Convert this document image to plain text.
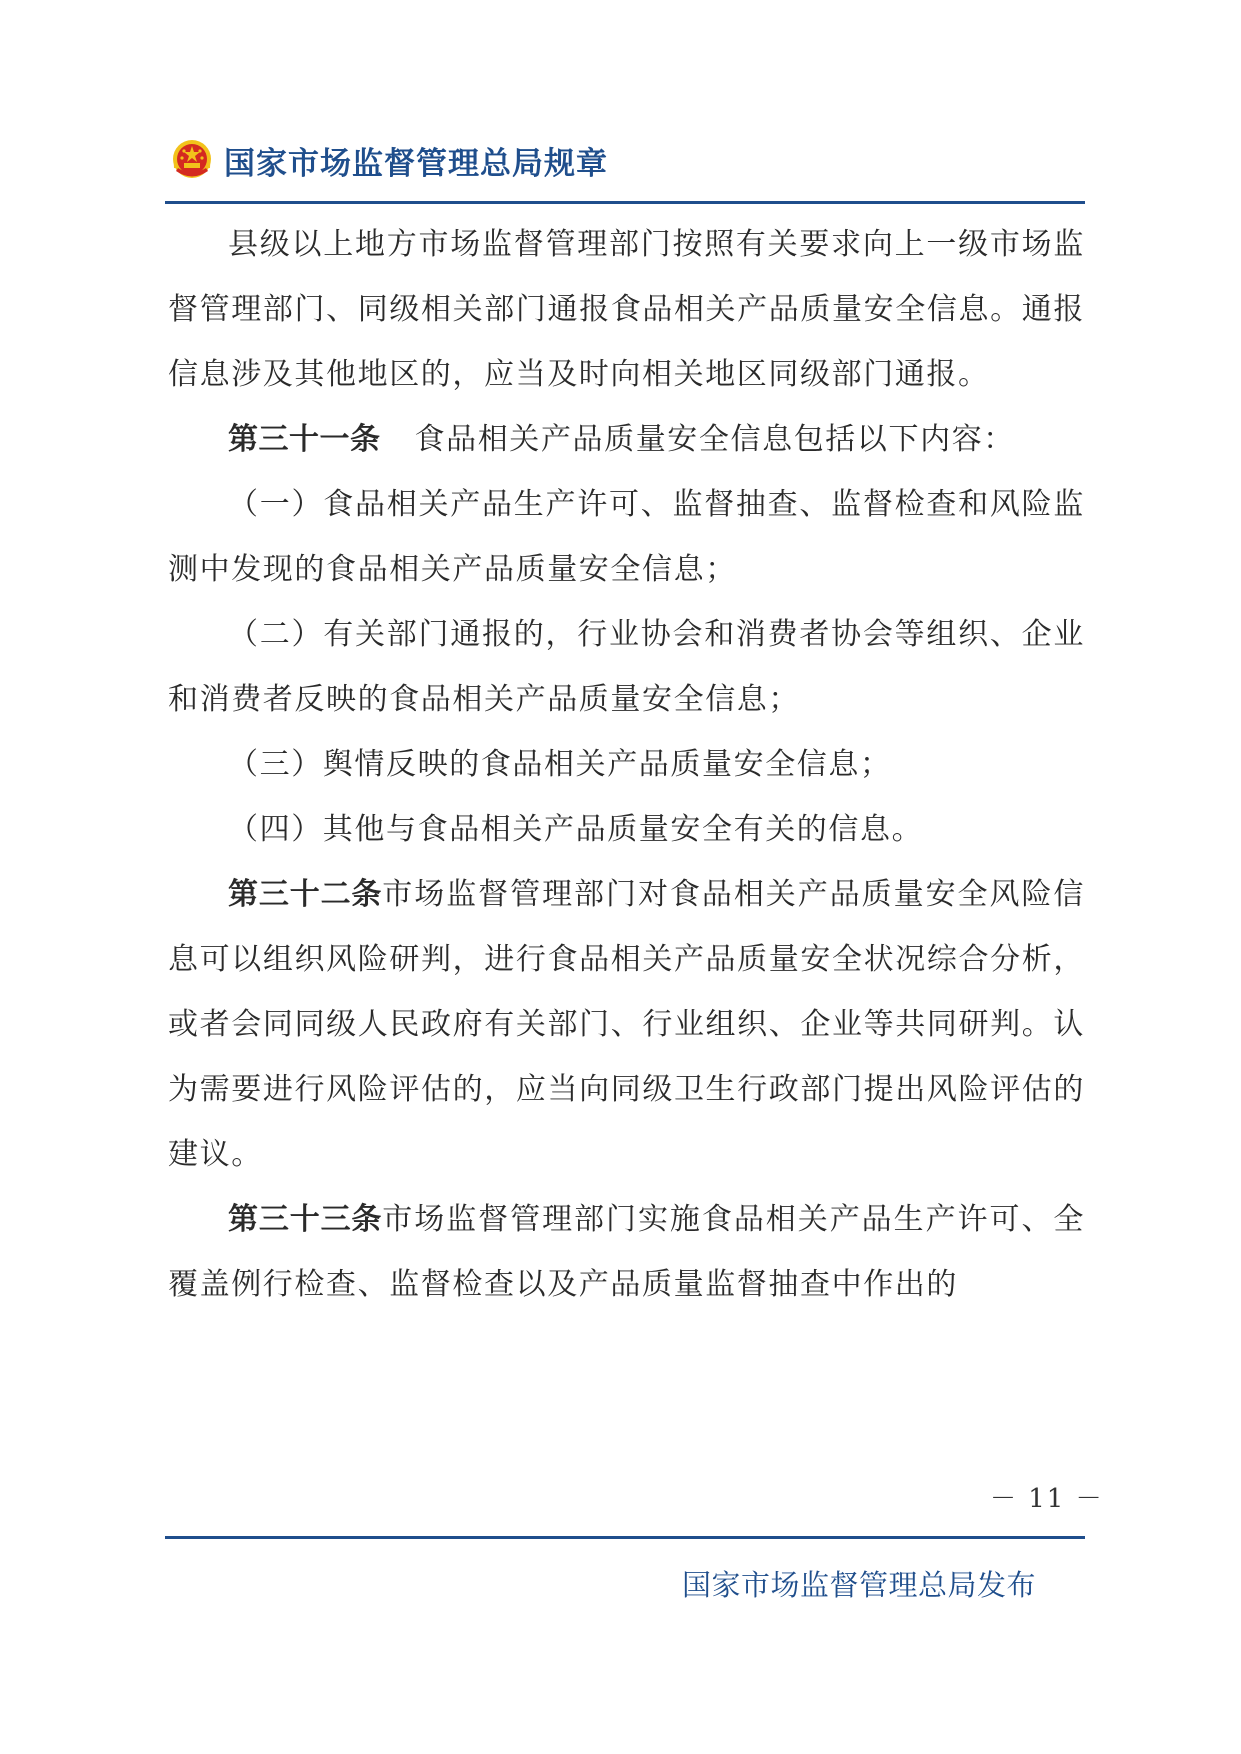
国家市场监督管理总局规章

县级以上地方市场监督管理部门按照有关要求向上一级市场监督管理部门、同级相关部门通报食品相关产品质量安全信息。通报信息涉及其他地区的，应当及时向相关地区同级部门通报。

第三十一条 食品相关产品质量安全信息包括以下内容：

（一）食品相关产品生产许可、监督抽查、监督检查和风险监测中发现的食品相关产品质量安全信息；

（二）有关部门通报的，行业协会和消费者协会等组织、企业和消费者反映的食品相关产品质量安全信息；

（三）舆情反映的食品相关产品质量安全信息；

（四）其他与食品相关产品质量安全有关的信息。

第三十二条市场监督管理部门对食品相关产品质量安全风险信息可以组织风险研判，进行食品相关产品质量安全状况综合分析，或者会同同级人民政府有关部门、行业组织、企业等共同研判。认为需要进行风险评估的，应当向同级卫生行政部门提出风险评估的建议。

第三十三条市场监督管理部门实施食品相关产品生产许可、全覆盖例行检查、监督检查以及产品质量监督抽查中作出的

－ 11 －
国家市场监督管理总局发布
